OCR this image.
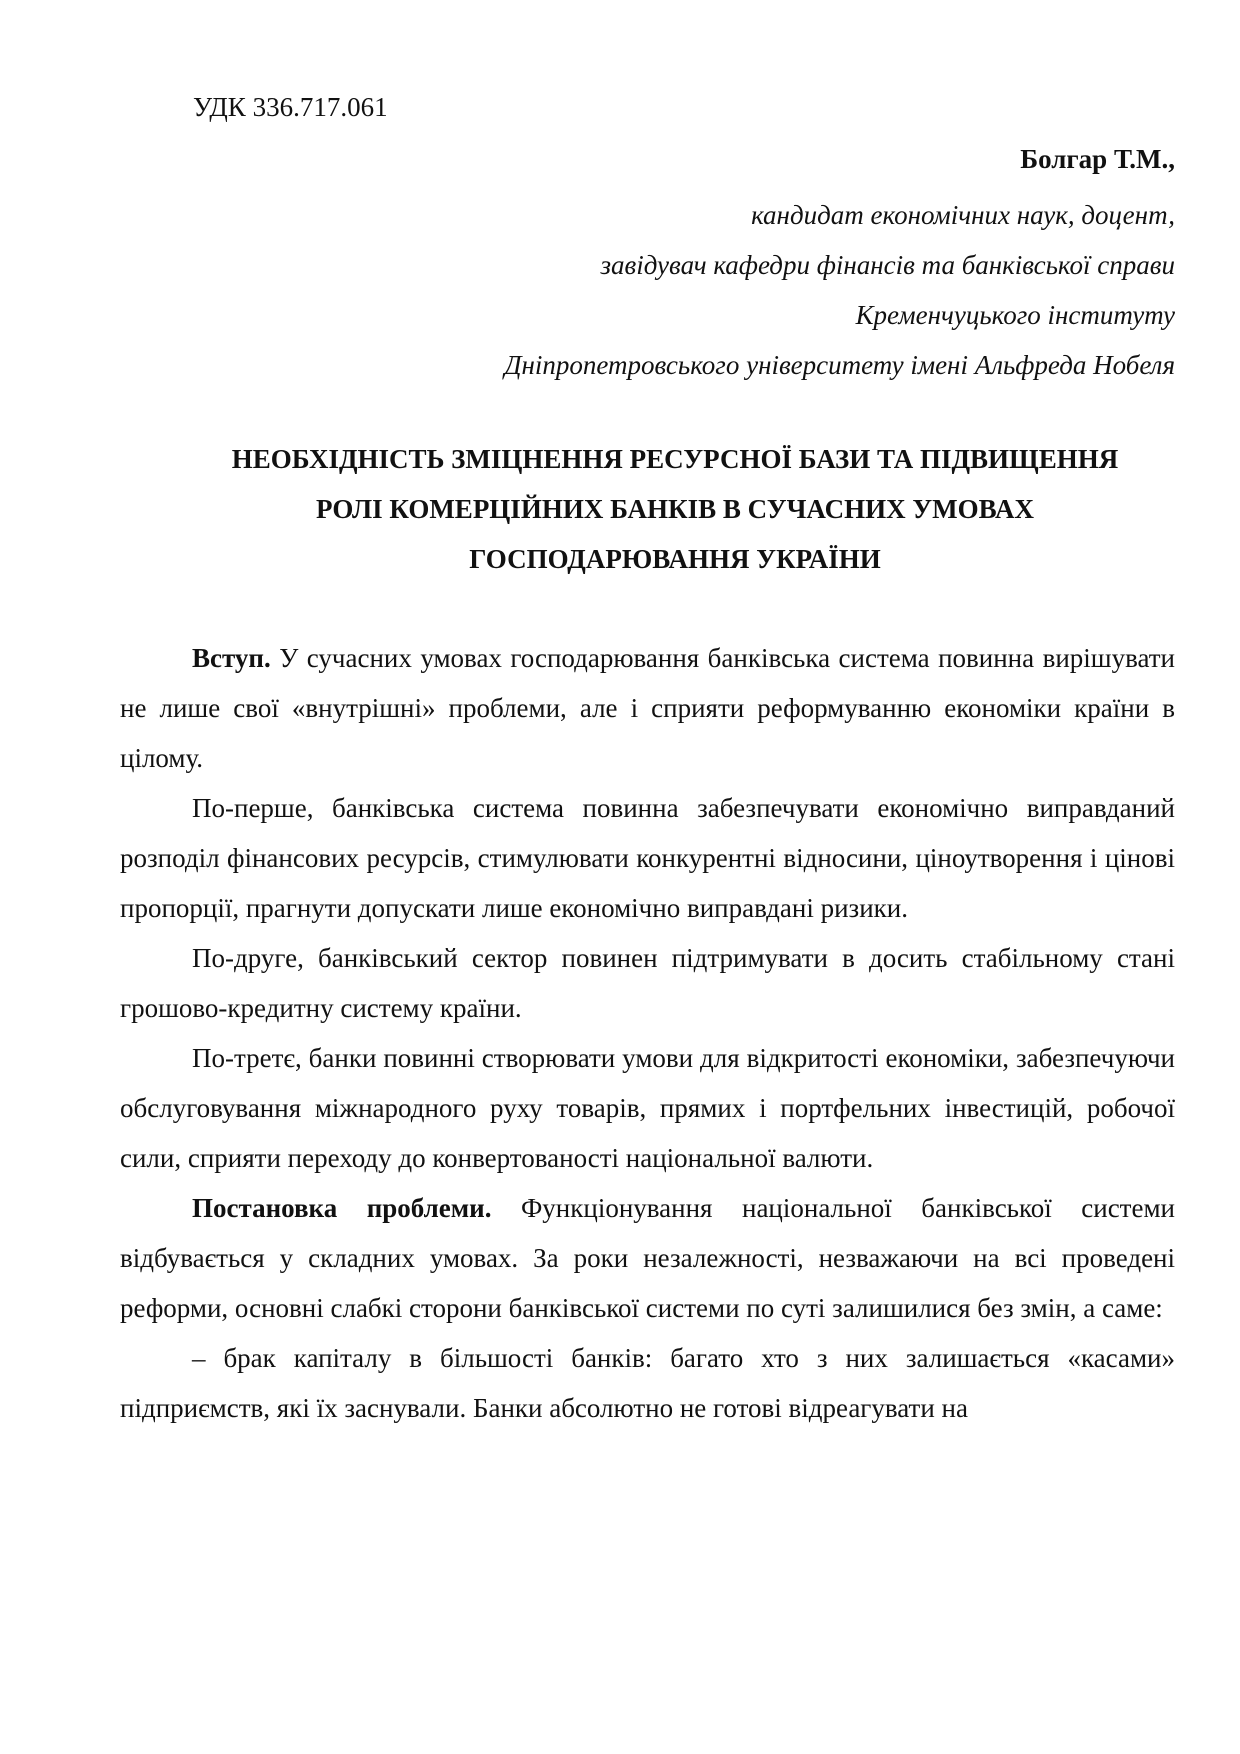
УДК 336.717.061
Болгар Т.М.,
кандидат економічних наук, доцент,
завідувач кафедри фінансів та банківської справи
Кременчуцького інституту
Дніпропетровського університету імені Альфреда Нобеля
НЕОБХІДНІСТЬ ЗМІЦНЕННЯ РЕСУРСНОЇ БАЗИ ТА ПІДВИЩЕННЯ
РОЛІ КОМЕРЦІЙНИХ БАНКІВ В СУЧАСНИХ УМОВАХ
ГОСПОДАРЮВАННЯ УКРАЇНИ

Вступ. У сучасних умовах господарювання банківська система повинна вирішувати не лише свої «внутрішні» проблеми, але і сприяти реформуванню економіки країни в цілому.

По-перше, банківська система повинна забезпечувати економічно виправданий розподіл фінансових ресурсів, стимулювати конкурентні відносини, ціноутворення і цінові пропорції, прагнути допускати лише економічно виправдані ризики.

По-друге, банківський сектор повинен підтримувати в досить стабільному стані грошово-кредитну систему країни.

По-третє, банки повинні створювати умови для відкритості економіки, забезпечуючи обслуговування міжнародного руху товарів, прямих і портфельних інвестицій, робочої сили, сприяти переходу до конвертованості національної валюти.

Постановка проблеми. Функціонування національної банківської системи відбувається у складних умовах. За роки незалежності, незважаючи на всі проведені реформи, основні слабкі сторони банківської системи по суті залишилися без змін, а саме:

– брак капіталу в більшості банків: багато хто з них залишається «касами» підприємств, які їх заснували. Банки абсолютно не готові відреагувати на
